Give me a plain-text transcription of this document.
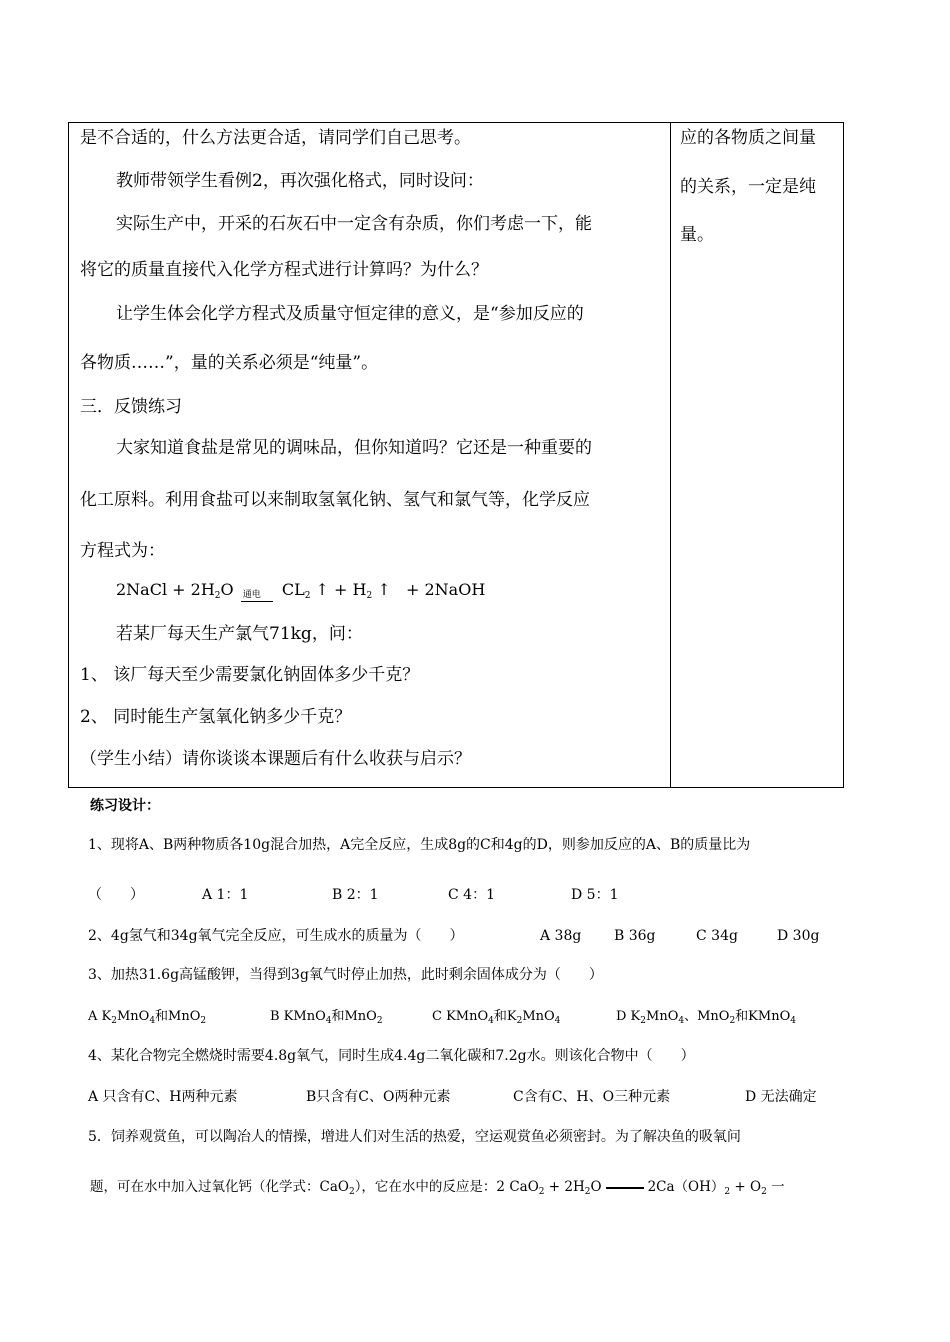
是不合适的，什么方法更合适，请同学们自己思考。
教师带领学生看例2，再次强化格式，同时设问：
实际生产中，开采的石灰石中一定含有杂质，你们考虑一下，能
将它的质量直接代入化学方程式进行计算吗？为什么？
让学生体会化学方程式及质量守恒定律的意义，是“参加反应的
各物质……”，量的关系必须是“纯量”。
三．反馈练习
大家知道食盐是常见的调味品，但你知道吗？它还是一种重要的
化工原料。利用食盐可以来制取氢氧化钠、氢气和氯气等，化学反应
方程式为：
2NaCl + $2H_2O$ 通电 $CL_2$ ↑ + $H_2$ ↑ + 2NaOH
若某厂每天生产氯气71kg，问：
1、 该厂每天至少需要氯化钠固体多少千克？
2、 同时能生产氢氧化钠多少千克？
（学生小结）请你谈谈本课题后有什么收获与启示？
应的各物质之间量
的关系，一定是纯
量。
练习设计：
1、现将A、B两种物质各10g混合加热，A完全反应，生成8g的C和4g的D，则参加反应的A、B的质量比为
（　　）	A 1：1	B 2：1	C 4：1	D 5：1
2、4g氢气和34g氧气完全反应，可生成水的质量为（　　）	A 38g B 36g	C 34g	D 30g
3、加热31.6g高锰酸钾，当得到3g氧气时停止加热，此时剩余固体成分为（　　）
A $K_2MnO_4$和MnO$_2$	B KMnO$_4$和MnO$_2$	C KMnO$_4$和$K_2MnO_4$	D $K_2MnO_4$、MnO$_2$和KMnO$_4$
4、某化合物完全燃烧时需要4.8g氧气，同时生成4.4g二氧化碳和7.2g水。则该化合物中（　　）
A 只含有C、H两种元素	B只含有C、O两种元素	C含有C、H、O三种元素	D 无法确定
5．饲养观赏鱼，可以陶冶人的情操，增进人们对生活的热爱，空运观赏鱼必须密封。为了解决鱼的吸氧问
题，可在水中加入过氧化钙（化学式：CaO$_2$），它在水中的反应是：2 $CaO_2 + 2H_2O$	$2Ca(OH)_2 + O_2$ 一
